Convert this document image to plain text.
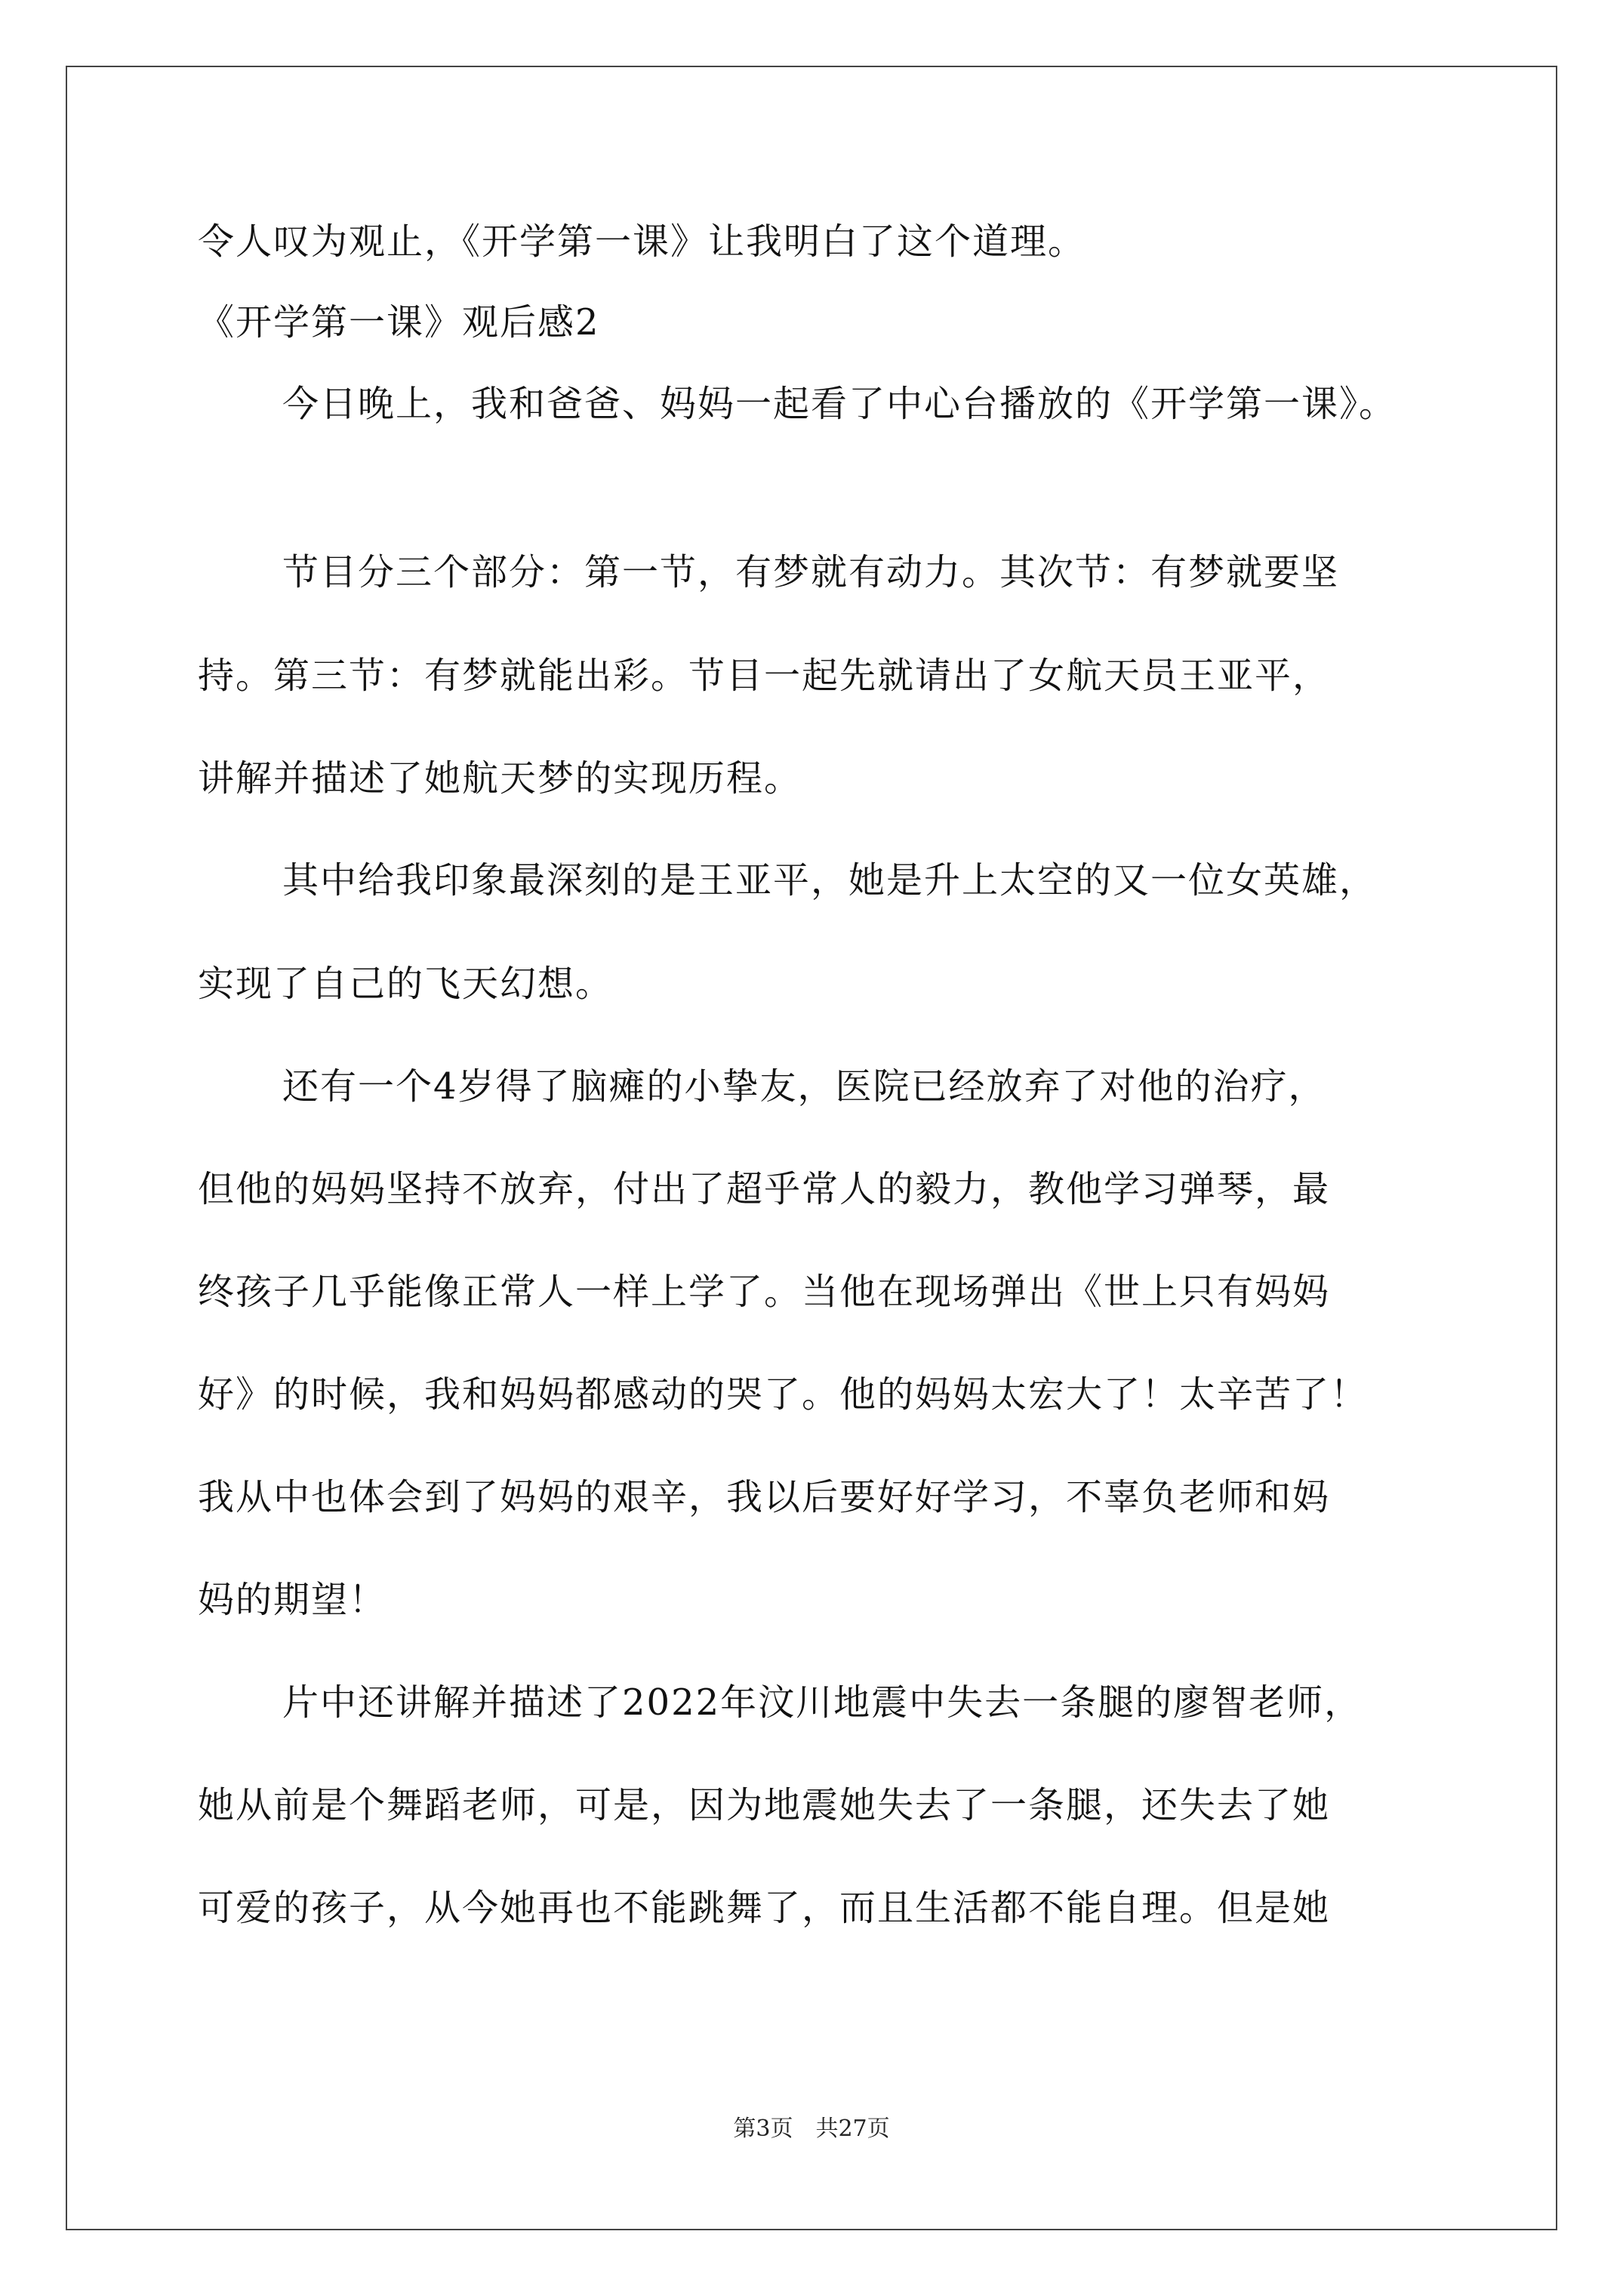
令人叹为观止，《开学第一课》让我明白了这个道理。
《开学第一课》观后感2
今日晚上，我和爸爸、妈妈一起看了中心台播放的《开学第一课》。
节目分三个部分：第一节，有梦就有动力。其次节：有梦就要坚
持。第三节：有梦就能出彩。节目一起先就请出了女航天员王亚平，
讲解并描述了她航天梦的实现历程。
其中给我印象最深刻的是王亚平，她是升上太空的又一位女英雄，
实现了自己的飞天幻想。
还有一个4岁得了脑瘫的小挚友，医院已经放弃了对他的治疗，
但他的妈妈坚持不放弃，付出了超乎常人的毅力，教他学习弹琴，最
终孩子几乎能像正常人一样上学了。当他在现场弹出《世上只有妈妈
好》的时候，我和妈妈都感动的哭了。他的妈妈太宏大了！太辛苦了！
我从中也体会到了妈妈的艰辛，我以后要好好学习，不辜负老师和妈
妈的期望！
片中还讲解并描述了2022年汶川地震中失去一条腿的廖智老师，
她从前是个舞蹈老师，可是，因为地震她失去了一条腿，还失去了她
可爱的孩子，从今她再也不能跳舞了，而且生活都不能自理。但是她
第3页 共27页
